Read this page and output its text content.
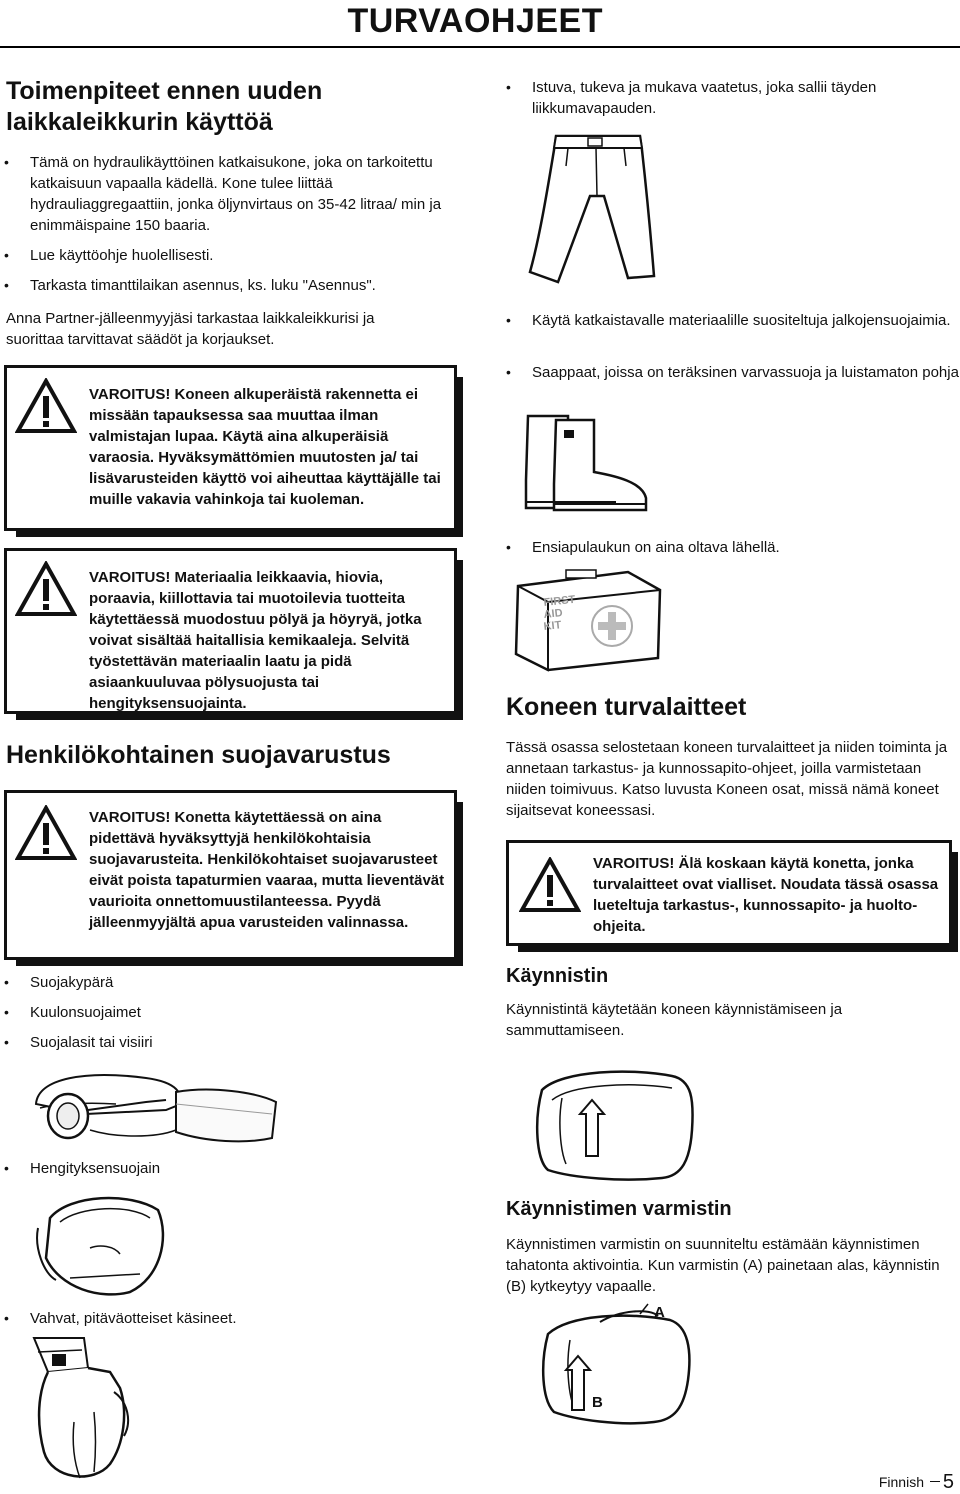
TURVAOHJEET
Toimenpiteet ennen uuden laikkaleikkurin käyttöä
• Tämä on hydraulikäyttöinen katkaisukone, joka on tarkoitettu katkaisuun vapaalla kädellä. Kone tulee liittää hydrauliaggregaattiin, jonka öljynvirtaus on 35-42 litraa/ min ja enimmäispaine 150 baaria.
• Lue käyttöohje huolellisesti.
• Tarkasta timanttilaikan asennus, ks. luku "Asennus".
Anna Partner-jälleenmyyjäsi tarkastaa laikkaleikkurisi ja suorittaa tarvittavat säädöt ja korjaukset.
VAROITUS! Koneen alkuperäistä rakennetta ei missään tapauksessa saa muuttaa ilman valmistajan lupaa. Käytä aina alkuperäisiä varaosia. Hyväksymättömien muutosten ja/ tai lisävarusteiden käyttö voi aiheuttaa käyttäjälle tai muille vakavia vahinkoja tai kuoleman.
VAROITUS! Materiaalia leikkaavia, hiovia, poraavia, kiillottavia tai muotoilevia tuotteita käytettäessä muodostuu pölyä ja höyryä, jotka voivat sisältää haitallisia kemikaaleja. Selvitä työstettävän materiaalin laatu ja pidä asiaankuuluvaa pölysuojusta tai hengityksensuojainta.
Henkilökohtainen suojavarustus
VAROITUS! Konetta käytettäessä on aina pidettävä hyväksyttyjä henkilökohtaisia suojavarusteita. Henkilökohtaiset suojavarusteet eivät poista tapaturmien vaaraa, mutta lieventävät vaurioita onnettomuustilanteessa. Pyydä jälleenmyyjältä apua varusteiden valinnassa.
• Suojakypärä
• Kuulonsuojaimet
• Suojalasit tai visiiri
• Hengityksensuojain
• Vahvat, pitäväotteiset käsineet.
• Istuva, tukeva ja mukava vaatetus, joka sallii täyden liikkumavapauden.
• Käytä katkaistavalle materiaalille suositeltuja jalkojensuojaimia.
• Saappaat, joissa on teräksinen varvassuoja ja luistamaton pohja
• Ensiapulaukun on aina oltava lähellä.
FIRST
AID
KIT
Koneen turvalaitteet
Tässä osassa selostetaan koneen turvalaitteet ja niiden toiminta ja annetaan tarkastus- ja kunnossapito-ohjeet, joilla varmistetaan niiden toimivuus. Katso luvusta Koneen osat, missä nämä koneet sijaitsevat koneessasi.
VAROITUS! Älä koskaan käytä konetta, jonka turvalaitteet ovat vialliset. Noudata tässä osassa lueteltuja tarkastus-, kunnossapito- ja huolto-ohjeita.
Käynnistin
Käynnistintä käytetään koneen käynnistämiseen ja sammuttamiseen.
Käynnistimen varmistin
Käynnistimen varmistin on suunniteltu estämään käynnistimen tahatonta aktivointia. Kun varmistin (A) painetaan alas, käynnistin (B) kytkeytyy vapaalle.
A
B
Finnish 5
